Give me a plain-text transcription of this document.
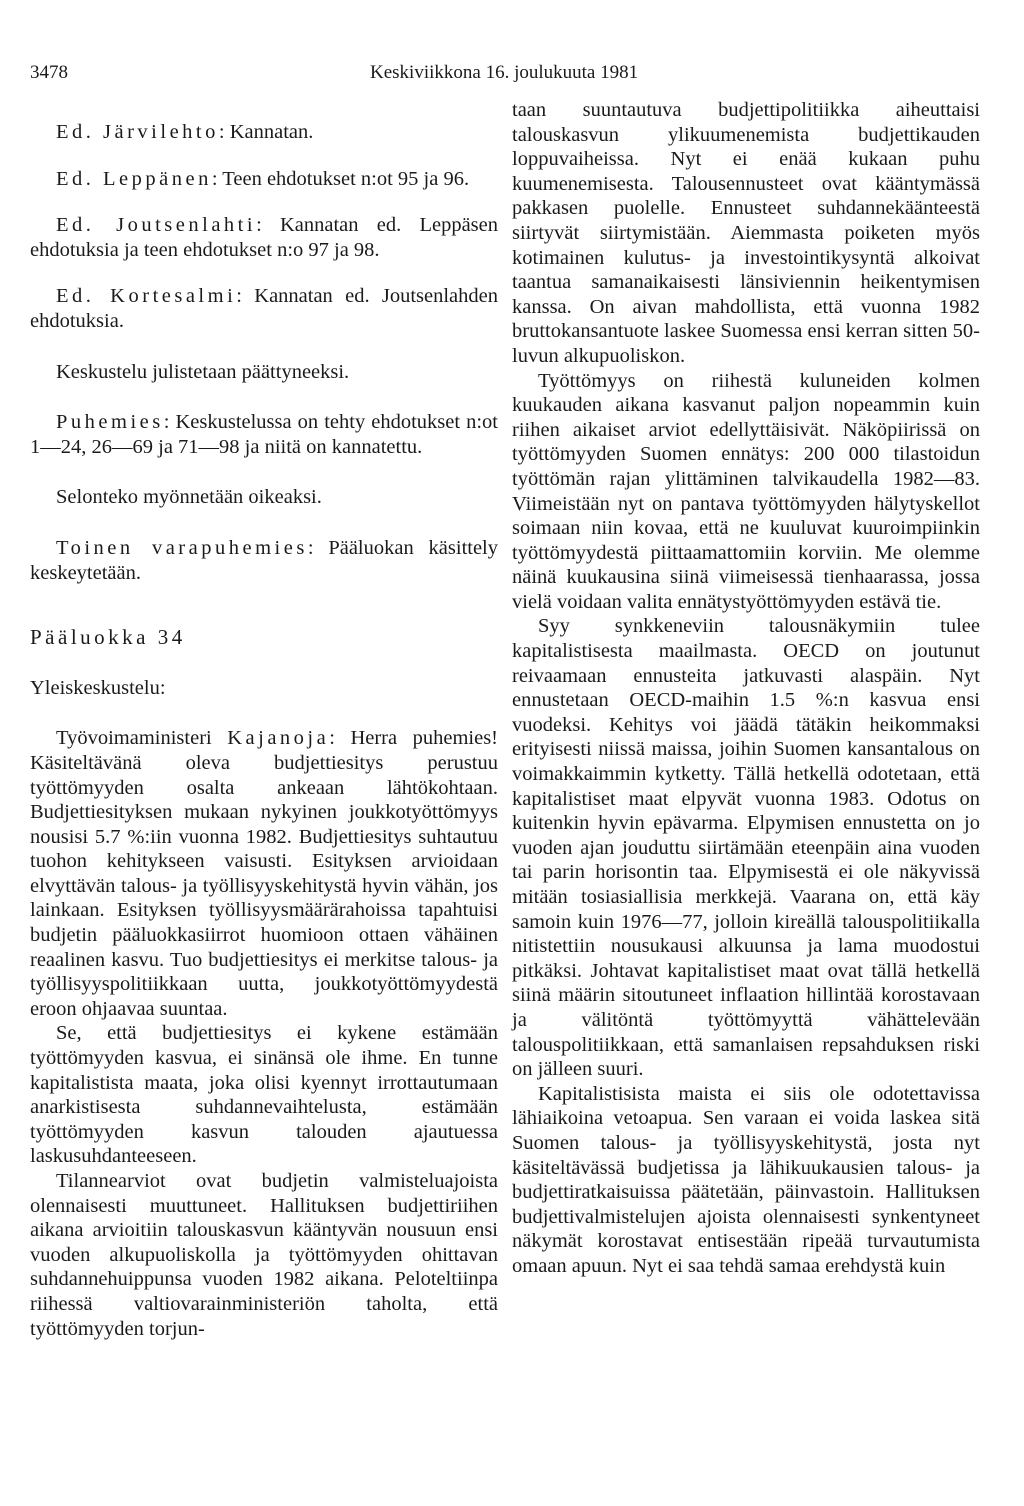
3478	Keskiviikkona 16. joulukuuta 1981

Ed. Järvilehto: Kannatan.

Ed. Leppänen: Teen ehdotukset n:ot 95 ja 96.

Ed. Joutsenlahti: Kannatan ed. Leppäsen ehdotuksia ja teen ehdotukset n:o 97 ja 98.

Ed. Kortesalmi: Kannatan ed. Joutsenlahden ehdotuksia.

Keskustelu julistetaan päättyneeksi.

Puhemies: Keskustelussa on tehty ehdotukset n:ot 1—24, 26—69 ja 71—98 ja niitä on kannatettu.

Selonteko myönnetään oikeaksi.

Toinen varapuhemies: Pääluokan käsittely keskeytetään.

Pääluokka 34

Yleiskeskustelu:

Työvoimaministeri Kajanoja: Herra puhemies! Käsiteltävänä oleva budjettiesitys perustuu työttömyyden osalta ankeaan lähtökohtaan. Budjettiesityksen mukaan nykyinen joukkotyöttömyys nousisi 5.7 %:iin vuonna 1982. Budjettiesitys suhtautuu tuohon kehitykseen vaisusti. Esityksen arvioidaan elvyttävän talous- ja työllisyyskehitystä hyvin vähän, jos lainkaan. Esityksen työllisyysmäärärahoissa tapahtuisi budjetin pääluokkasiirrot huomioon ottaen vähäinen reaalinen kasvu. Tuo budjettiesitys ei merkitse talous- ja työllisyyspolitiikkaan uutta, joukkotyöttömyydestä eroon ohjaavaa suuntaa.

Se, että budjettiesitys ei kykene estämään työttömyyden kasvua, ei sinänsä ole ihme. En tunne kapitalistista maata, joka olisi kyennyt irrottautumaan anarkistisesta suhdannevaihtelusta, estämään työttömyyden kasvun talouden ajautuessa laskusuhdanteeseen.

Tilannearviot ovat budjetin valmisteluajoista olennaisesti muuttuneet. Hallituksen budjettiriihen aikana arvioitiin talouskasvun kääntyvän nousuun ensi vuoden alkupuoliskolla ja työttömyyden ohittavan suhdannehuippunsa vuoden 1982 aikana. Peloteltiinpa riihessä valtiovarainministeriön taholta, että työttömyyden torjun-

taan suuntautuva budjettipolitiikka aiheuttaisi talouskasvun ylikuumenemista budjettikauden loppuvaiheissa. Nyt ei enää kukaan puhu kuumenemisesta. Talousennusteet ovat kääntymässä pakkasen puolelle. Ennusteet suhdannekäänteestä siirtyvät siirtymistään. Aiemmasta poiketen myös kotimainen kulutus- ja investointikysyntä alkoivat taantua samanaikaisesti länsiviennin heikentymisen kanssa. On aivan mahdollista, että vuonna 1982 bruttokansantuote laskee Suomessa ensi kerran sitten 50-luvun alkupuoliskon.

Työttömyys on riihestä kuluneiden kolmen kuukauden aikana kasvanut paljon nopeammin kuin riihen aikaiset arviot edellyttäisivät. Näköpiirissä on työttömyyden Suomen ennätys: 200 000 tilastoidun työttömän rajan ylittäminen talvikaudella 1982—83. Viimeistään nyt on pantava työttömyyden hälytyskellot soimaan niin kovaa, että ne kuuluvat kuuroimpiinkin työttömyydestä piittaamattomiin korviin. Me olemme näinä kuukausina siinä viimeisessä tienhaarassa, jossa vielä voidaan valita ennätystyöttömyyden estävä tie.

Syy synkkeneviin talousnäkymiin tulee kapitalistisesta maailmasta. OECD on joutunut reivaamaan ennusteita jatkuvasti alaspäin. Nyt ennustetaan OECD-maihin 1.5 %:n kasvua ensi vuodeksi. Kehitys voi jäädä tätäkin heikommaksi erityisesti niissä maissa, joihin Suomen kansantalous on voimakkaimmin kytketty. Tällä hetkellä odotetaan, että kapitalistiset maat elpyvät vuonna 1983. Odotus on kuitenkin hyvin epävarma. Elpymisen ennustetta on jo vuoden ajan jouduttu siirtämään eteenpäin aina vuoden tai parin horisontin taa. Elpymisestä ei ole näkyvissä mitään tosiasiallisia merkkejä. Vaarana on, että käy samoin kuin 1976—77, jolloin kireällä talouspolitiikalla nitistettiin nousukausi alkuunsa ja lama muodostui pitkäksi. Johtavat kapitalistiset maat ovat tällä hetkellä siinä määrin sitoutuneet inflaation hillintää korostavaan ja välitöntä työttömyyttä vähättelevään talouspolitiikkaan, että samanlaisen repsahduksen riski on jälleen suuri.

Kapitalistisista maista ei siis ole odotettavissa lähiaikoina vetoapua. Sen varaan ei voida laskea sitä Suomen talous- ja työllisyyskehitystä, josta nyt käsiteltävässä budjetissa ja lähikuukausien talous- ja budjettiratkaisuissa päätetään, päinvastoin. Hallituksen budjettivalmistelujen ajoista olennaisesti synkentyneet näkymät korostavat entisestään ripeää turvautumista omaan apuun. Nyt ei saa tehdä samaa erehdystä kuin
